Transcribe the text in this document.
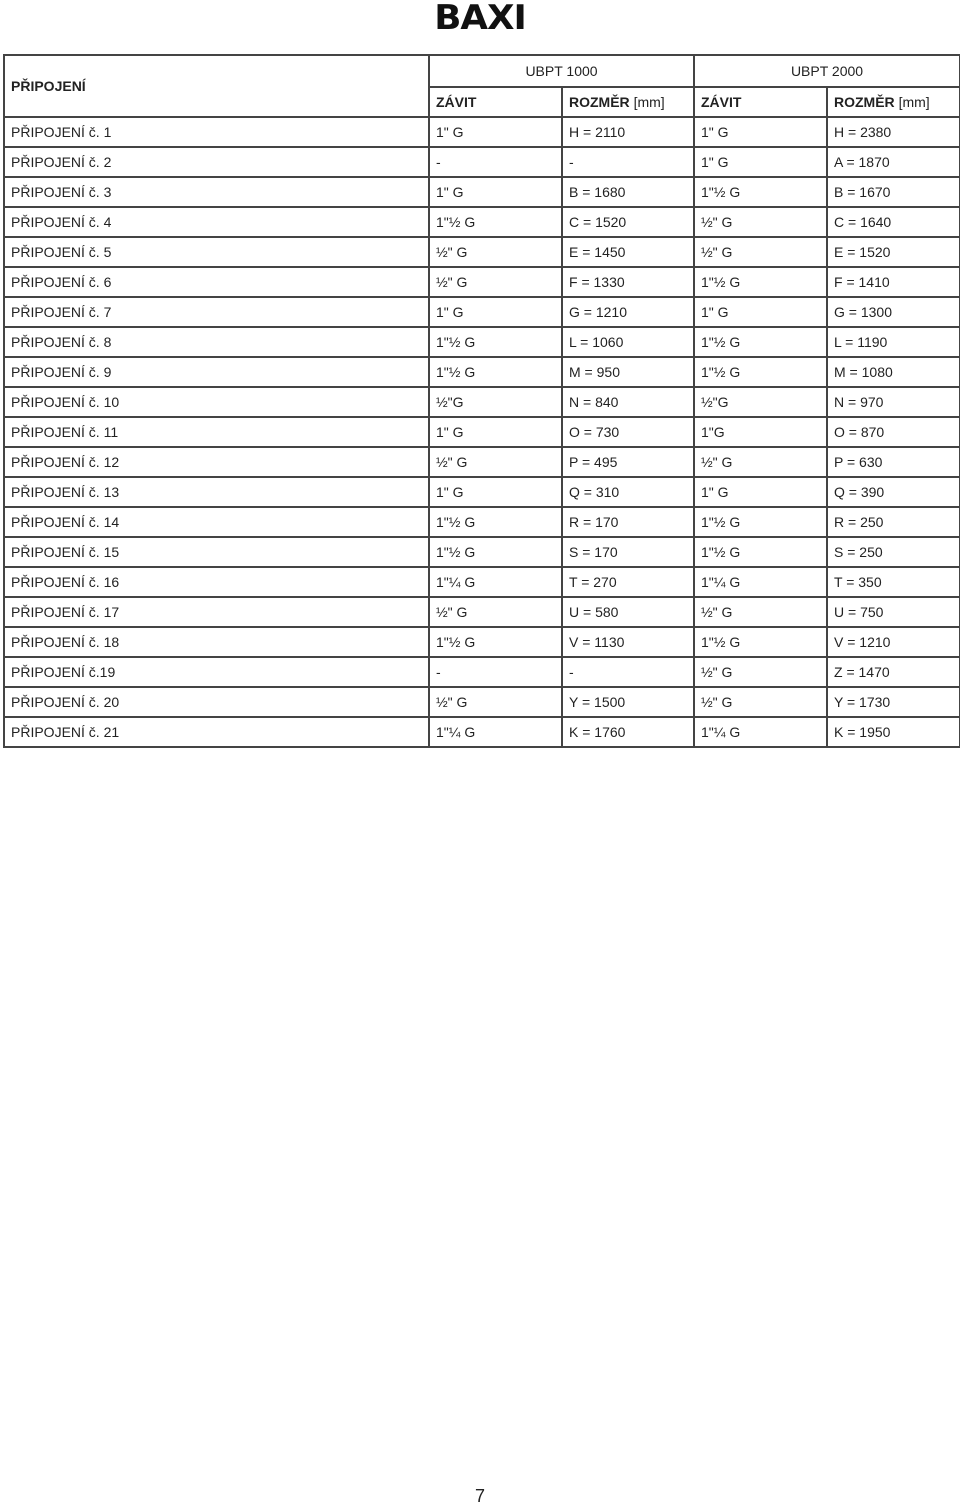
BAXI
PŘIPOJENÍ	UBPT 1000		UBPT 2000	
	ZÁVIT	ROZMĚR [mm]	ZÁVIT	ROZMĚR [mm]
PŘIPOJENÍ č. 1	1" G	H = 2110	1" G	H = 2380
PŘIPOJENÍ č. 2	-	-	1" G	A = 1870
PŘIPOJENÍ č. 3	1" G	B = 1680	1"½ G	B = 1670
PŘIPOJENÍ č. 4	1"½ G	C = 1520	½" G	C = 1640
PŘIPOJENÍ č. 5	½" G	E = 1450	½" G	E = 1520
PŘIPOJENÍ č. 6	½" G	F = 1330	1"½ G	F = 1410
PŘIPOJENÍ č. 7	1" G	G = 1210	1" G	G = 1300
PŘIPOJENÍ č. 8	1"½ G	L = 1060	1"½ G	L = 1190
PŘIPOJENÍ č. 9	1"½ G	M = 950	1"½ G	M = 1080
PŘIPOJENÍ č. 10	½"G	N = 840	½"G	N = 970
PŘIPOJENÍ č. 11	1" G	O = 730	1"G	O = 870
PŘIPOJENÍ č. 12	½" G	P = 495	½" G	P = 630
PŘIPOJENÍ č. 13	1" G	Q = 310	1" G	Q = 390
PŘIPOJENÍ č. 14	1"½ G	R = 170	1"½ G	R = 250
PŘIPOJENÍ č. 15	1"½ G	S = 170	1"½ G	S = 250
PŘIPOJENÍ č. 16	1"¼ G	T = 270	1"¼ G	T = 350
PŘIPOJENÍ č. 17	½" G	U = 580	½" G	U = 750
PŘIPOJENÍ č. 18	1"½ G	V = 1130	1"½ G	V = 1210
PŘIPOJENÍ č.19	-	-	½" G	Z = 1470
PŘIPOJENÍ č. 20	½" G	Y = 1500	½" G	Y = 1730
PŘIPOJENÍ č. 21	1"¼ G	K = 1760	1"¼ G	K = 1950
7
